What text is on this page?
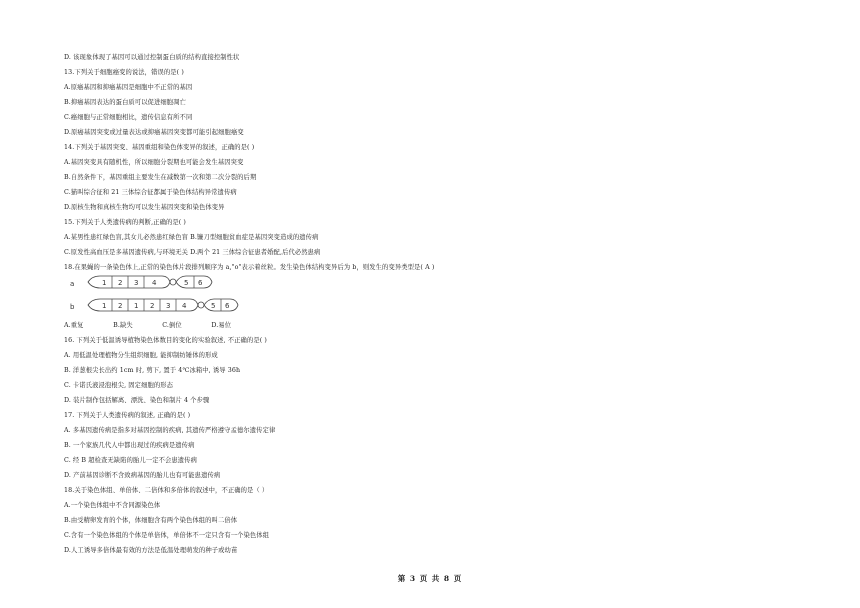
D. 该现象体现了基因可以通过控制蛋白质的结构直接控制性状
13.下列关于细胞癌变的说法，错误的是( )
A.原癌基因和抑癌基因是细胞中不正常的基因
B.抑癌基因表达的蛋白质可以促进细胞凋亡
C.癌细胞与正常细胞相比，遗传信息有所不同
D.原癌基因突变或过量表达或抑癌基因突变都可能引起细胞癌变
14.下列关于基因突变、基因重组和染色体变异的叙述，正确的是( )
A.基因突变具有随机性，所以细胞分裂期也可能会发生基因突变
B.自然条件下，基因重组主要发生在减数第一次和第二次分裂的后期
C.猫叫综合征和 21 三体综合征都属于染色体结构异常遗传病
D.原核生物和真核生物均可以发生基因突变和染色体变异
15.下列关于人类遗传病的判断,正确的是( )
A.某男性患红绿色盲,其女儿必然患红绿色盲 B.镰刀型细胞贫血症是基因突变造成的遗传病
C.原发性高血压是多基因遗传病,与环境无关 D.两个 21 三体综合征患者婚配,后代必然患病
18.在果蝇的一条染色体上,正常的染色体片段排列顺序为 a,"o"表示着丝粒。发生染色体结构变异后为 b，则发生的变异类型是( A )
a	1 2 3 4	5 6
b	1 2 1 2 3 4	5 6
A.重复	B.缺失	C.倒位	D.易位
16. 下列关于低温诱导植物染色体数目的变化的实验叙述, 不正确的是( )
A. 用低温处理植物分生组织细胞, 能抑制纺锤体的形成
B. 洋葱根尖长出约 1cm 时, 剪下, 置于 4℃冰箱中, 诱导 36h
C. 卡诺氏液浸泡根尖, 固定细胞的形态
D. 装片制作包括解离、漂洗、染色和制片 4 个步骤
17. 下列关于人类遗传病的叙述, 正确的是( )
A. 多基因遗传病是指多对基因控制的疾病, 其遗传严格遵守孟德尔遗传定律
B. 一个家族几代人中都出现过的疾病是遗传病
C. 经 B 超检查无缺陷的胎儿一定不会患遗传病
D. 产前基因诊断不含致病基因的胎儿也有可能患遗传病
18.关于染色体组、单倍体、二倍体和多倍体的叙述中，不正确的是（ ）
A.一个染色体组中不含同源染色体
B.由受精卵发育的个体，体细胞含有两个染色体组的叫二倍体
C.含有一个染色体组的个体是单倍体，单倍体不一定只含有一个染色体组
D.人工诱导多倍体最有效的方法是低温处理萌发的种子或幼苗
第 3 页 共 8 页
